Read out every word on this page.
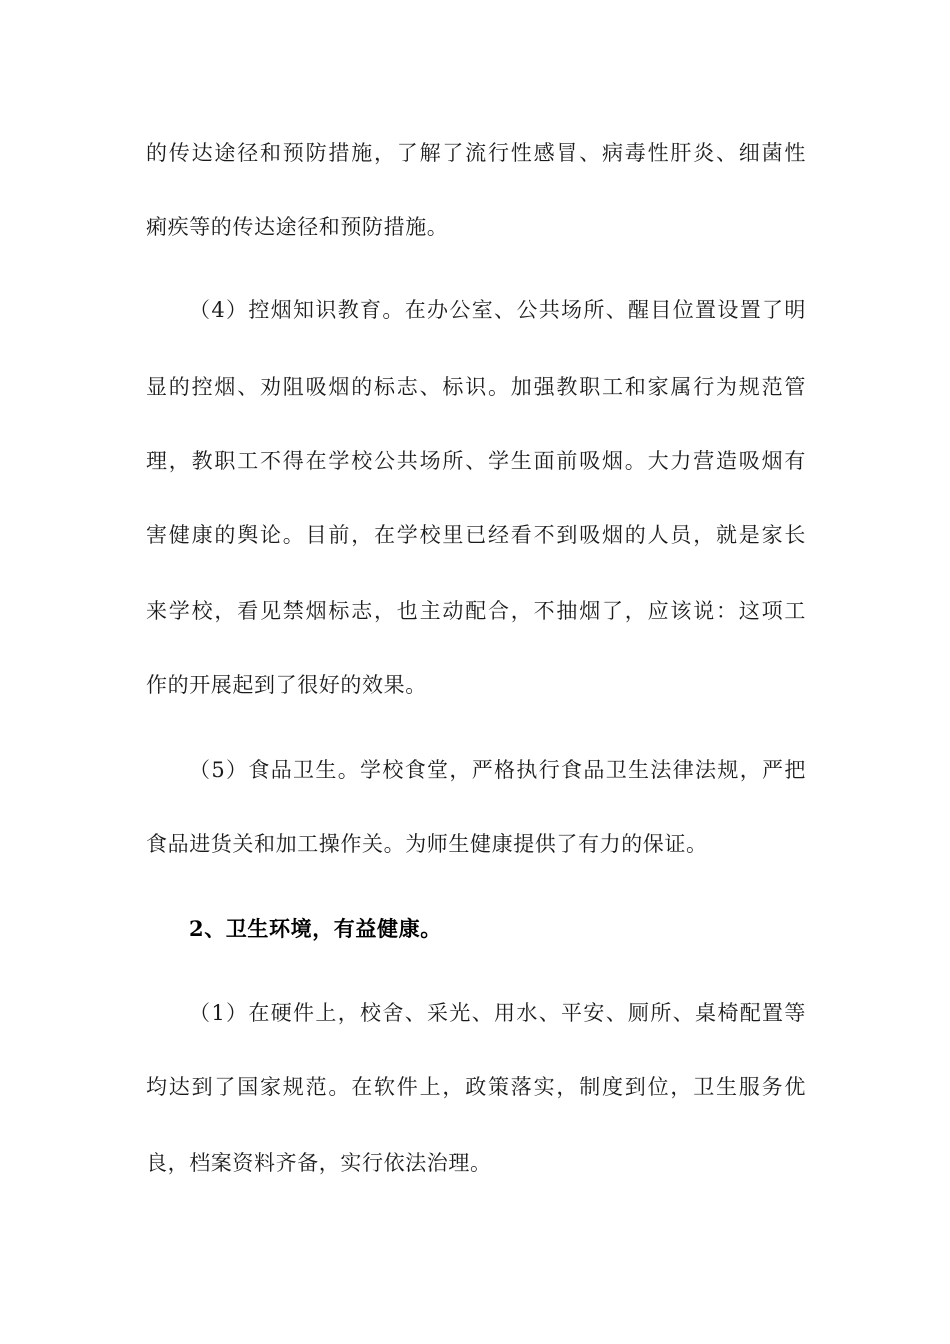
的传达途径和预防措施，了解了流行性感冒、病毒性肝炎、细菌性
痢疾等的传达途径和预防措施。
（4）控烟知识教育。在办公室、公共场所、醒目位置设置了明
显的控烟、劝阻吸烟的标志、标识。加强教职工和家属行为规范管
理，教职工不得在学校公共场所、学生面前吸烟。大力营造吸烟有
害健康的舆论。目前，在学校里已经看不到吸烟的人员，就是家长
来学校，看见禁烟标志，也主动配合，不抽烟了，应该说：这项工
作的开展起到了很好的效果。
（5）食品卫生。学校食堂，严格执行食品卫生法律法规，严把
食品进货关和加工操作关。为师生健康提供了有力的保证。
2、卫生环境，有益健康。
（1）在硬件上，校舍、采光、用水、平安、厕所、桌椅配置等
均达到了国家规范。在软件上，政策落实，制度到位，卫生服务优
良，档案资料齐备，实行依法治理。
